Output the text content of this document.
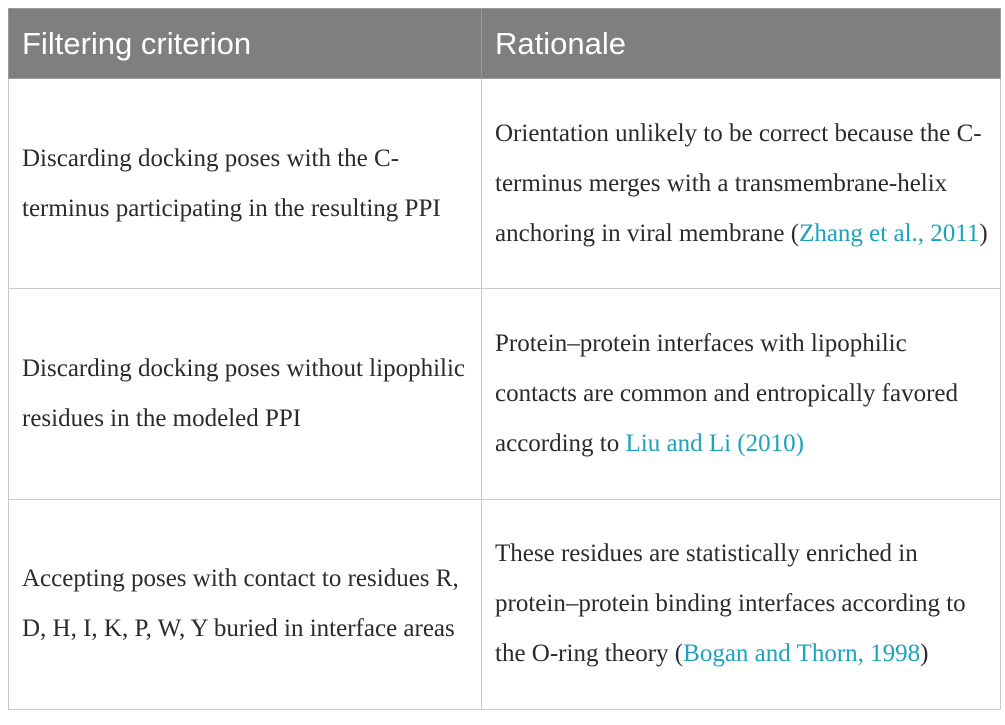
Filtering criterion	Rationale
Discarding docking poses with the C-terminus participating in the resulting PPI	Orientation unlikely to be correct because the C-terminus merges with a transmembrane-helix anchoring in viral membrane (Zhang et al., 2011)
Discarding docking poses without lipophilic residues in the modeled PPI	Protein–protein interfaces with lipophilic contacts are common and entropically favored according to Liu and Li (2010)
Accepting poses with contact to residues R, D, H, I, K, P, W, Y buried in interface areas	These residues are statistically enriched in protein–protein binding interfaces according to the O-ring theory (Bogan and Thorn, 1998)
